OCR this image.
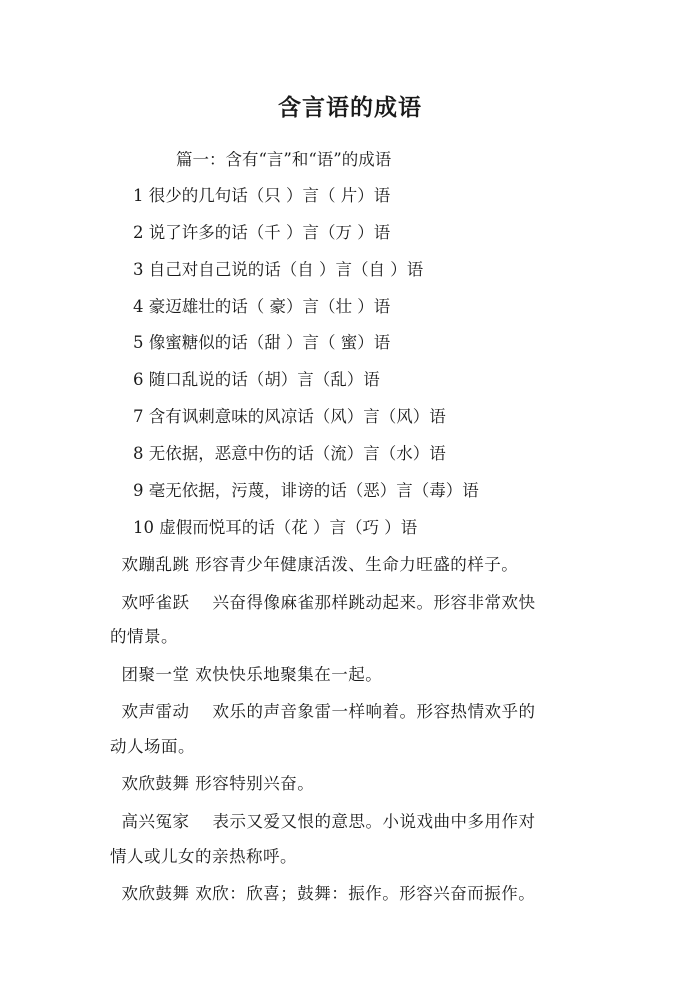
含言语的成语
篇一：含有“言”和“语”的成语
1 很少的几句话（只 ）言（ 片）语
2 说了许多的话（千 ）言（万 ）语
3 自己对自己说的话（自 ）言（自 ）语
4 豪迈雄壮的话（ 豪）言（壮 ）语
5 像蜜糖似的话（甜 ）言（ 蜜）语
6 随口乱说的话（胡）言（乱）语
7 含有讽刺意味的风凉话（风）言（风）语
8 无依据，恶意中伤的话（流）言（水）语
9 毫无依据，污蔑，诽谤的话（恶）言（毒）语
10 虚假而悦耳的话（花 ）言（巧 ）语
欢蹦乱跳 形容青少年健康活泼、生命力旺盛的样子。
欢呼雀跃    兴奋得像麻雀那样跳动起来。形容非常欢快
的情景。
团聚一堂 欢快快乐地聚集在一起。
欢声雷动    欢乐的声音象雷一样响着。形容热情欢乎的
动人场面。
欢欣鼓舞 形容特别兴奋。
高兴冤家    表示又爱又恨的意思。小说戏曲中多用作对
情人或儿女的亲热称呼。
欢欣鼓舞 欢欣：欣喜；鼓舞：振作。形容兴奋而振作。
